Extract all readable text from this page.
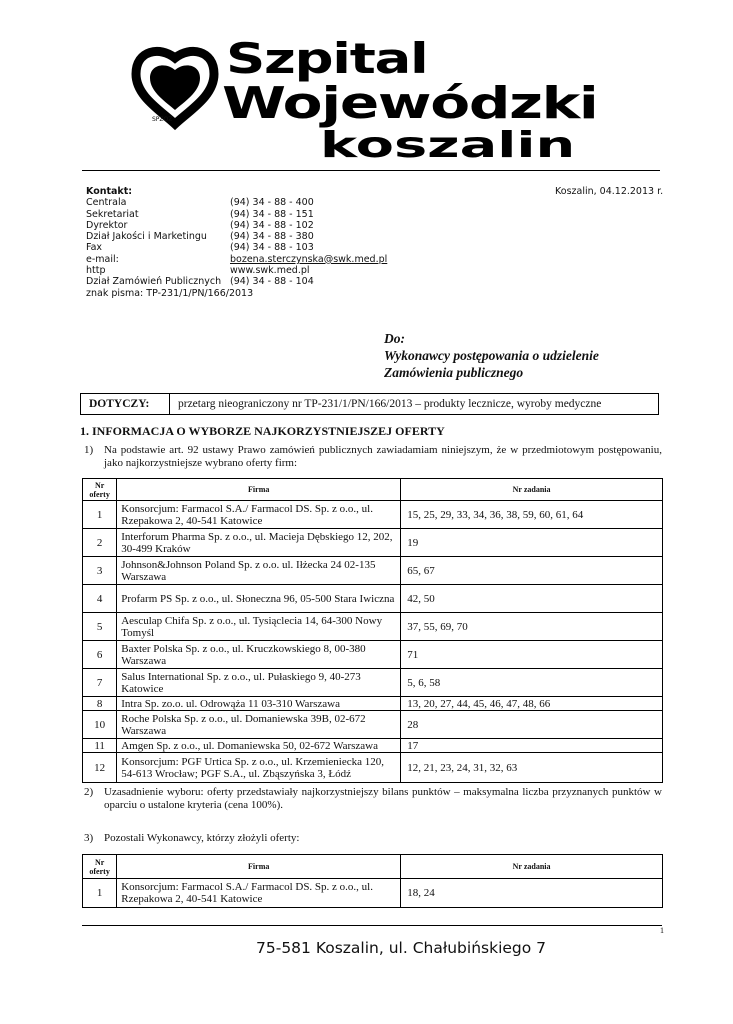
SPZOZ
Szpital
Wojewódzki
koszalin
Kontakt:
Centrala	(94) 34 - 88 - 400
Sekretariat	(94) 34 - 88 - 151
Dyrektor	(94) 34 - 88 - 102
Dział Jakości i Marketingu	(94) 34 - 88 - 380
Fax	(94) 34 - 88 - 103
e-mail:	bozena.sterczynska@swk.med.pl
http	www.swk.med.pl
Dział Zamówień Publicznych (94) 34 - 88 - 104
znak pisma: TP-231/1/PN/166/2013
Koszalin, 04.12.2013 r.
Do:
Wykonawcy postępowania o udzielenie
Zamówienia publicznego
DOTYCZY:	przetarg nieograniczony nr TP-231/1/PN/166/2013 – produkty lecznicze, wyroby medyczne
1. INFORMACJA O WYBORZE NAJKORZYSTNIEJSZEJ OFERTY
1) Na podstawie art. 92 ustawy Prawo zamówień publicznych zawiadamiam niniejszym, że w przedmiotowym postępowaniu, jako najkorzystniejsze wybrano oferty firm:
Nr oferty	Firma	Nr zadania
1	Konsorcjum: Farmacol S.A./ Farmacol DS. Sp. z o.o., ul. Rzepakowa 2, 40-541 Katowice	15, 25, 29, 33, 34, 36, 38, 59, 60, 61, 64
2	Interforum Pharma Sp. z o.o., ul. Macieja Dębskiego 12, 202, 30-499 Kraków	19
3	Johnson&Johnson Poland Sp. z o.o. ul. Iłżecka 24 02-135 Warszawa	65, 67
4	Profarm PS Sp. z o.o., ul. Słoneczna 96, 05-500 Stara Iwiczna	42, 50
5	Aesculap Chifa Sp. z o.o., ul. Tysiąclecia 14, 64-300 Nowy Tomyśl	37, 55, 69, 70
6	Baxter Polska Sp. z o.o., ul. Kruczkowskiego 8, 00-380 Warszawa	71
7	Salus International Sp. z o.o., ul. Pułaskiego 9, 40-273 Katowice	5, 6, 58
8	Intra Sp. zo.o. ul. Odrowąża 11 03-310 Warszawa	13, 20, 27, 44, 45, 46, 47, 48, 66
10	Roche Polska Sp. z o.o., ul. Domaniewska 39B, 02-672 Warszawa	28
11	Amgen Sp. z o.o., ul. Domaniewska 50, 02-672 Warszawa	17
12	Konsorcjum: PGF Urtica Sp. z o.o., ul. Krzemieniecka 120, 54-613 Wrocław; PGF S.A., ul. Zbąszyńska 3, Łódź	12, 21, 23, 24, 31, 32, 63
2) Uzasadnienie wyboru: oferty przedstawiały najkorzystniejszy bilans punktów – maksymalna liczba przyznanych punktów w oparciu o ustalone kryteria (cena 100%).
3) Pozostali Wykonawcy, którzy złożyli oferty:
Nr oferty	Firma	Nr zadania
1	Konsorcjum: Farmacol S.A./ Farmacol DS. Sp. z o.o., ul. Rzepakowa 2, 40-541 Katowice	18, 24
1
75-581 Koszalin, ul. Chałubińskiego 7
